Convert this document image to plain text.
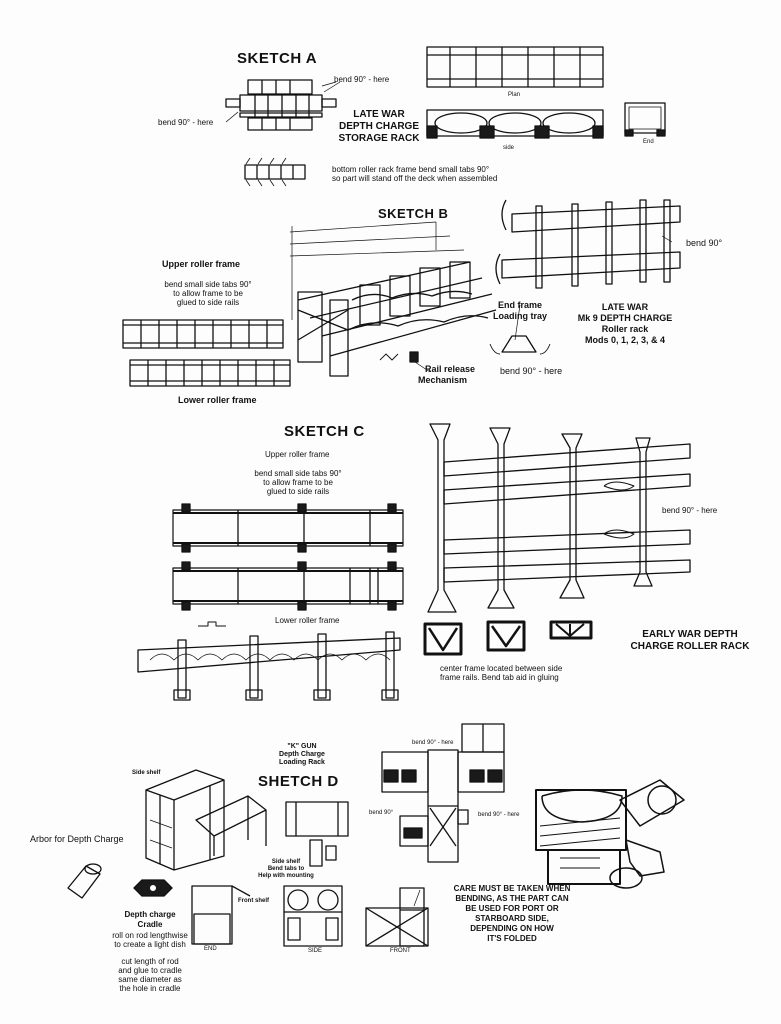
SKETCH A
bend 90° - here
bend 90° - here
LATE WAR
DEPTH CHARGE
STORAGE RACK
Plan
side
End
bottom roller rack frame bend small tabs 90°
so part will stand off the deck when assembled
SKETCH B
Upper roller frame
bend small side tabs 90°
to allow frame to be
glued to side rails
Lower roller frame
End frame
Loading tray
Rail release
Mechanism
bend 90° - here
bend 90°
LATE WAR
Mk 9 DEPTH CHARGE
Roller rack
Mods 0, 1, 2, 3, & 4
SKETCH C
Upper roller frame
bend small side tabs 90°
to allow frame to be
glued to side rails
Lower roller frame
bend 90° - here
center frame located between side
frame rails. Bend tab aid in gluing
EARLY WAR DEPTH
CHARGE ROLLER RACK
SHETCH D
"K" GUN
Depth Charge
Loading Rack
Side shelf
Side shelf
Bend tabs to
Help with mounting
Front shelf
END	SIDE	FRONT
bend 90° - here
bend 90°	bend 90° - here
Arbor for Depth Charge
Depth charge
Cradle
roll on rod lengthwise
to create a light dish
cut length of rod
and glue to cradle
same diameter as
the hole in cradle
CARE MUST BE TAKEN WHEN
BENDING, AS THE PART CAN
BE USED FOR PORT OR
STARBOARD SIDE,
DEPENDING ON HOW
IT'S FOLDED
